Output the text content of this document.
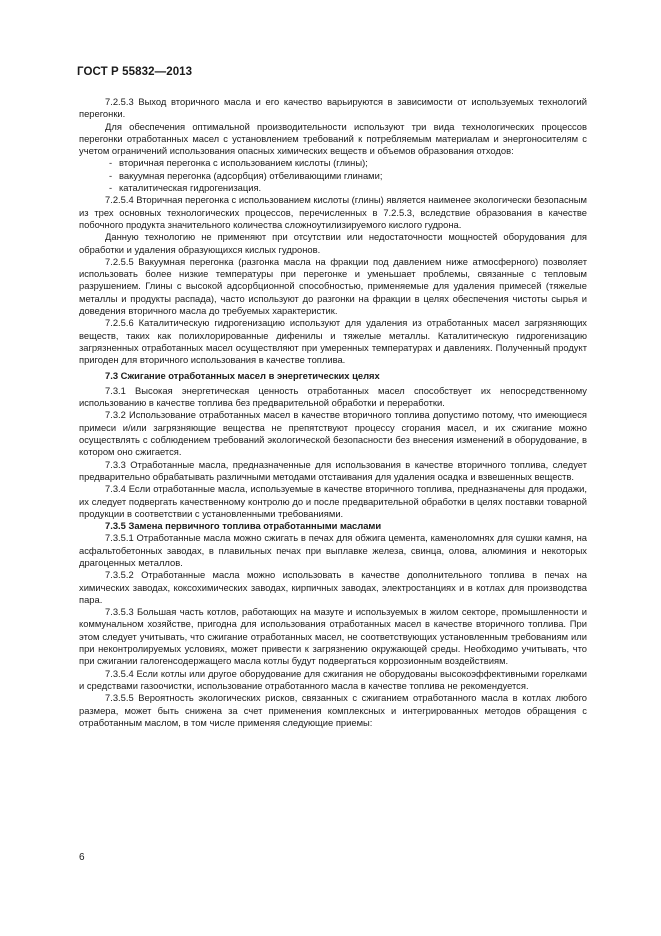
ГОСТ Р 55832—2013

7.2.5.3 Выход вторичного масла и его качество варьируются в зависимости от используемых технологий перегонки.

Для обеспечения оптимальной производительности используют три вида технологических процессов перегонки отработанных масел с установлением требований к потребляемым материалам и энергоносителям с учетом ограничений использования опасных химических веществ и объемов образования отходов:

- вторичная перегонка с использованием кислоты (глины);

- вакуумная перегонка (адсорбция) отбеливающими глинами;

- каталитическая гидрогенизация.

7.2.5.4 Вторичная перегонка с использованием кислоты (глины) является наименее экологически безопасным из трех основных технологических процессов, перечисленных в 7.2.5.3, вследствие образования в качестве побочного продукта значительного количества сложноутилизируемого кислого гудрона.

Данную технологию не применяют при отсутствии или недостаточности мощностей оборудования для обработки и удаления образующихся кислых гудронов.

7.2.5.5 Вакуумная перегонка (разгонка масла на фракции под давлением ниже атмосферного) позволяет использовать более низкие температуры при перегонке и уменьшает проблемы, связанные с тепловым разрушением. Глины с высокой адсорбционной способностью, применяемые для удаления примесей (тяжелые металлы и продукты распада), часто используют до разгонки на фракции в целях обеспечения чистоты сырья и доведения вторичного масла до требуемых характеристик.

7.2.5.6 Каталитическую гидрогенизацию используют для удаления из отработанных масел загрязняющих веществ, таких как полихлорированные дифенилы и тяжелые металлы. Каталитическую гидрогенизацию загрязненных отработанных масел осуществляют при умеренных температурах и давлениях. Полученный продукт пригоден для вторичного использования в качестве топлива.

7.3 Сжигание отработанных масел в энергетических целях

7.3.1 Высокая энергетическая ценность отработанных масел способствует их непосредственному использованию в качестве топлива без предварительной обработки и переработки.

7.3.2 Использование отработанных масел в качестве вторичного топлива допустимо потому, что имеющиеся примеси и/или загрязняющие вещества не препятствуют процессу сгорания масел, и их сжигание можно осуществлять с соблюдением требований экологической безопасности без внесения изменений в оборудование, в котором оно сжигается.

7.3.3 Отработанные масла, предназначенные для использования в качестве вторичного топлива, следует предварительно обрабатывать различными методами отстаивания для удаления осадка и взвешенных веществ.

7.3.4 Если отработанные масла, используемые в качестве вторичного топлива, предназначены для продажи, их следует подвергать качественному контролю до и после предварительной обработки в целях поставки товарной продукции в соответствии с установленными требованиями.

7.3.5 Замена первичного топлива отработанными маслами

7.3.5.1 Отработанные масла можно сжигать в печах для обжига цемента, каменоломнях для сушки камня, на асфальтобетонных заводах, в плавильных печах при выплавке железа, свинца, олова, алюминия и некоторых драгоценных металлов.

7.3.5.2 Отработанные масла можно использовать в качестве дополнительного топлива в печах на химических заводах, коксохимических заводах, кирпичных заводах, электростанциях и в котлах для производства пара.

7.3.5.3 Большая часть котлов, работающих на мазуте и используемых в жилом секторе, промышленности и коммунальном хозяйстве, пригодна для использования отработанных масел в качестве вторичного топлива. При этом следует учитывать, что сжигание отработанных масел, не соответствующих установленным требованиям или при неконтролируемых условиях, может привести к загрязнению окружающей среды. Необходимо учитывать, что при сжигании галогенсодержащего масла котлы будут подвергаться коррозионным воздействиям.

7.3.5.4 Если котлы или другое оборудование для сжигания не оборудованы высокоэффективными горелками и средствами газоочистки, использование отработанного масла в качестве топлива не рекомендуется.

7.3.5.5 Вероятность экологических рисков, связанных с сжиганием отработанного масла в котлах любого размера, может быть снижена за счет применения комплексных и интегрированных методов обращения с отработанным маслом, в том числе применяя следующие приемы:

6
